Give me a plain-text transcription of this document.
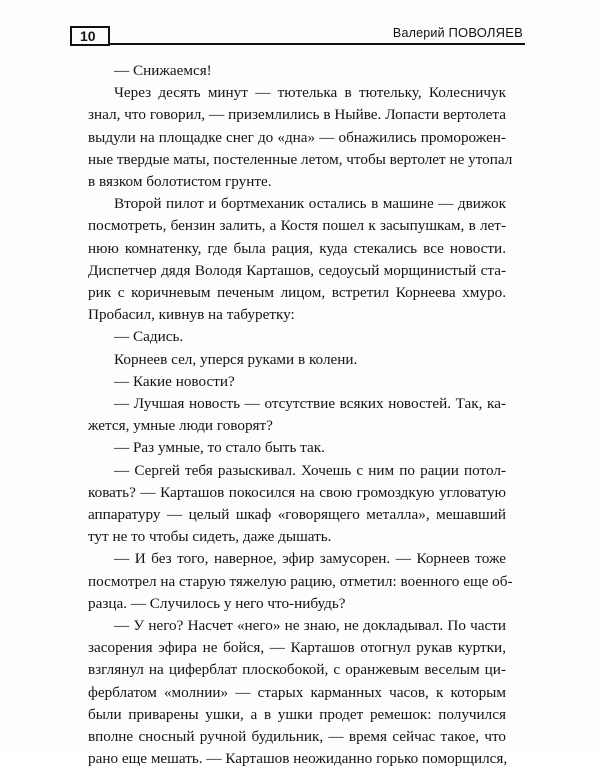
10	Валерий ПОВОЛЯЕВ

— Снижаемся!

Через десять минут — тютелька в тютельку, Колесничук

знал, что говорил, — приземлились в Ныйве. Лопасти вертолета

выдули на площадке снег до «дна» — обнажились проморожен-

ные твердые маты, постеленные летом, чтобы вертолет не утопал

в вязком болотистом грунте.

Второй пилот и бортмеханик остались в машине — движок

посмотреть, бензин залить, а Костя пошел к засыпушкам, в лет-

нюю комнатенку, где была рация, куда стекались все новости.

Диспетчер дядя Володя Карташов, седоусый морщинистый ста-

рик с коричневым печеным лицом, встретил Корнеева хмуро.

Пробасил, кивнув на табуретку:

— Садись.

Корнеев сел, уперся руками в колени.

— Какие новости?

— Лучшая новость — отсутствие всяких новостей. Так, ка-

жется, умные люди говорят?

— Раз умные, то стало быть так.

— Сергей тебя разыскивал. Хочешь с ним по рации потол-

ковать? — Карташов покосился на свою громоздкую угловатую

аппаратуру — целый шкаф «говорящего металла», мешавший

тут не то чтобы сидеть, даже дышать.

— И без того, наверное, эфир замусорен. — Корнеев тоже

посмотрел на старую тяжелую рацию, отметил: военного еще об-

разца. — Случилось у него что-нибудь?

— У него? Насчет «него» не знаю, не докладывал. По части

засорения эфира не бойся, — Карташов отогнул рукав куртки,

взглянул на циферблат плоскобокой, с оранжевым веселым ци-

ферблатом «молнии» — старых карманных часов, к которым

были приварены ушки, а в ушки продет ремешок: получился

вполне сносный ручной будильник, — время сейчас такое, что

рано еще мешать. — Карташов неожиданно горько поморщился,
